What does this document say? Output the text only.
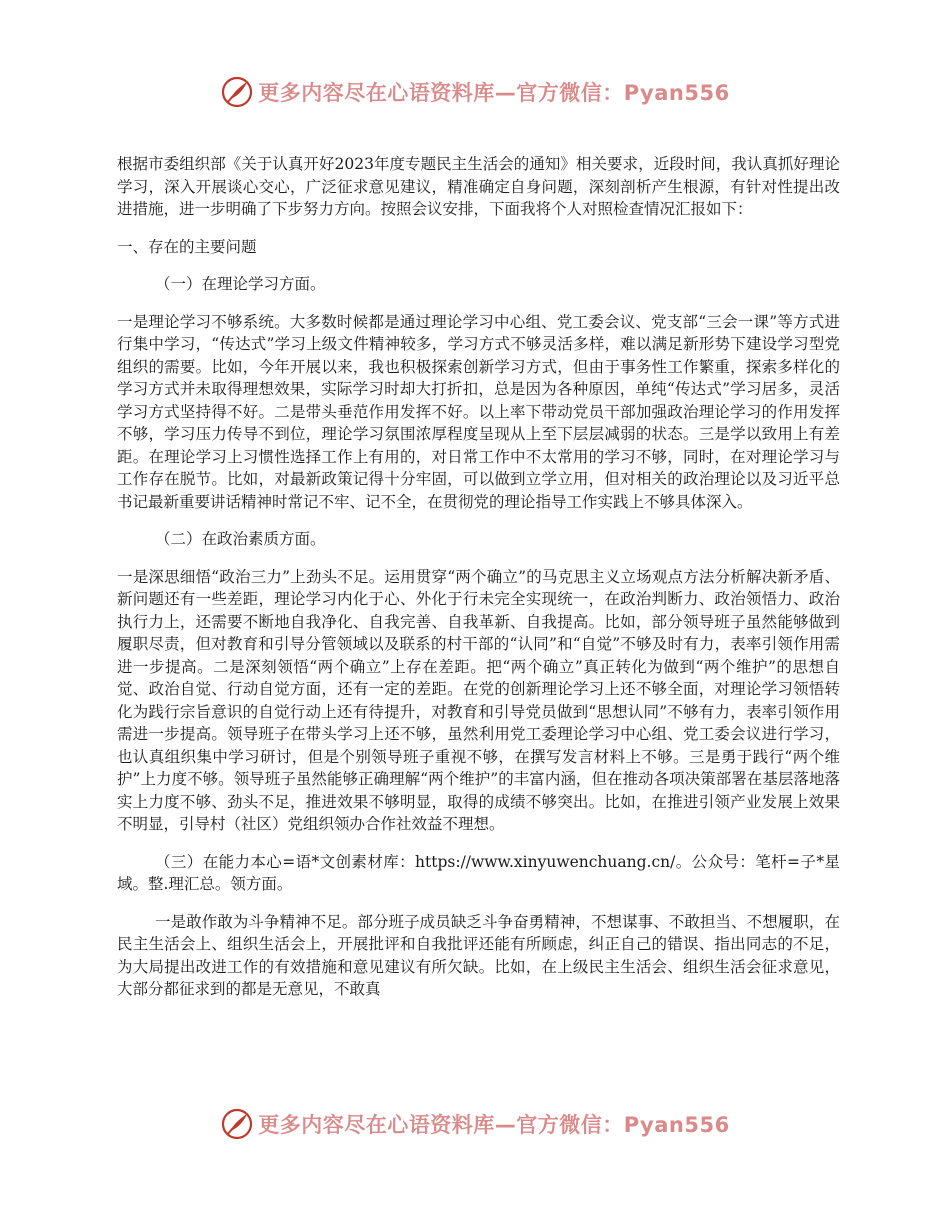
更多内容尽在心语资料库—官方微信：Pyan556

根据市委组织部《关于认真开好2023年度专题民主生活会的通知》相关要求，近段时间，我认真抓好理论学习，深入开展谈心交心，广泛征求意见建议，精准确定自身问题，深刻剖析产生根源，有针对性提出改进措施，进一步明确了下步努力方向。按照会议安排，下面我将个人对照检查情况汇报如下：

一、存在的主要问题

（一）在理论学习方面。

一是理论学习不够系统。大多数时候都是通过理论学习中心组、党工委会议、党支部“三会一课”等方式进行集中学习，“传达式”学习上级文件精神较多，学习方式不够灵活多样，难以满足新形势下建设学习型党组织的需要。比如，今年开展以来，我也积极探索创新学习方式，但由于事务性工作繁重，探索多样化的学习方式并未取得理想效果，实际学习时却大打折扣，总是因为各种原因，单纯“传达式”学习居多，灵活学习方式坚持得不好。二是带头垂范作用发挥不好。以上率下带动党员干部加强政治理论学习的作用发挥不够，学习压力传导不到位，理论学习氛围浓厚程度呈现从上至下层层减弱的状态。三是学以致用上有差距。在理论学习上习惯性选择工作上有用的，对日常工作中不太常用的学习不够，同时，在对理论学习与工作存在脱节。比如，对最新政策记得十分牢固，可以做到立学立用，但对相关的政治理论以及习近平总书记最新重要讲话精神时常记不牢、记不全，在贯彻党的理论指导工作实践上不够具体深入。

（二）在政治素质方面。

一是深思细悟“政治三力”上劲头不足。运用贯穿“两个确立”的马克思主义立场观点方法分析解决新矛盾、新问题还有一些差距，理论学习内化于心、外化于行未完全实现统一，在政治判断力、政治领悟力、政治执行力上，还需要不断地自我净化、自我完善、自我革新、自我提高。比如，部分领导班子虽然能够做到履职尽责，但对教育和引导分管领域以及联系的村干部的“认同”和“自觉”不够及时有力，表率引领作用需进一步提高。二是深刻领悟“两个确立”上存在差距。把“两个确立”真正转化为做到“两个维护”的思想自觉、政治自觉、行动自觉方面，还有一定的差距。在党的创新理论学习上还不够全面，对理论学习领悟转化为践行宗旨意识的自觉行动上还有待提升，对教育和引导党员做到“思想认同”不够有力，表率引领作用需进一步提高。领导班子在带头学习上还不够，虽然利用党工委理论学习中心组、党工委会议进行学习，也认真组织集中学习研讨，但是个别领导班子重视不够，在撰写发言材料上不够。三是勇于践行“两个维护”上力度不够。领导班子虽然能够正确理解“两个维护”的丰富内涵，但在推动各项决策部署在基层落地落实上力度不够、劲头不足，推进效果不够明显，取得的成绩不够突出。比如，在推进引领产业发展上效果不明显，引导村（社区）党组织领办合作社效益不理想。

（三）在能力本心=语*文创素材库：https://www.xinyuwenchuang.cn/。公众号：笔杆=子*星域。整.理汇总。领方面。

一是敢作敢为斗争精神不足。部分班子成员缺乏斗争奋勇精神，不想谋事、不敢担当、不想履职，在民主生活会上、组织生活会上，开展批评和自我批评还能有所顾虑，纠正自己的错误、指出同志的不足，为大局提出改进工作的有效措施和意见建议有所欠缺。比如，在上级民主生活会、组织生活会征求意见，大部分都征求到的都是无意见，不敢真

更多内容尽在心语资料库—官方微信：Pyan556
